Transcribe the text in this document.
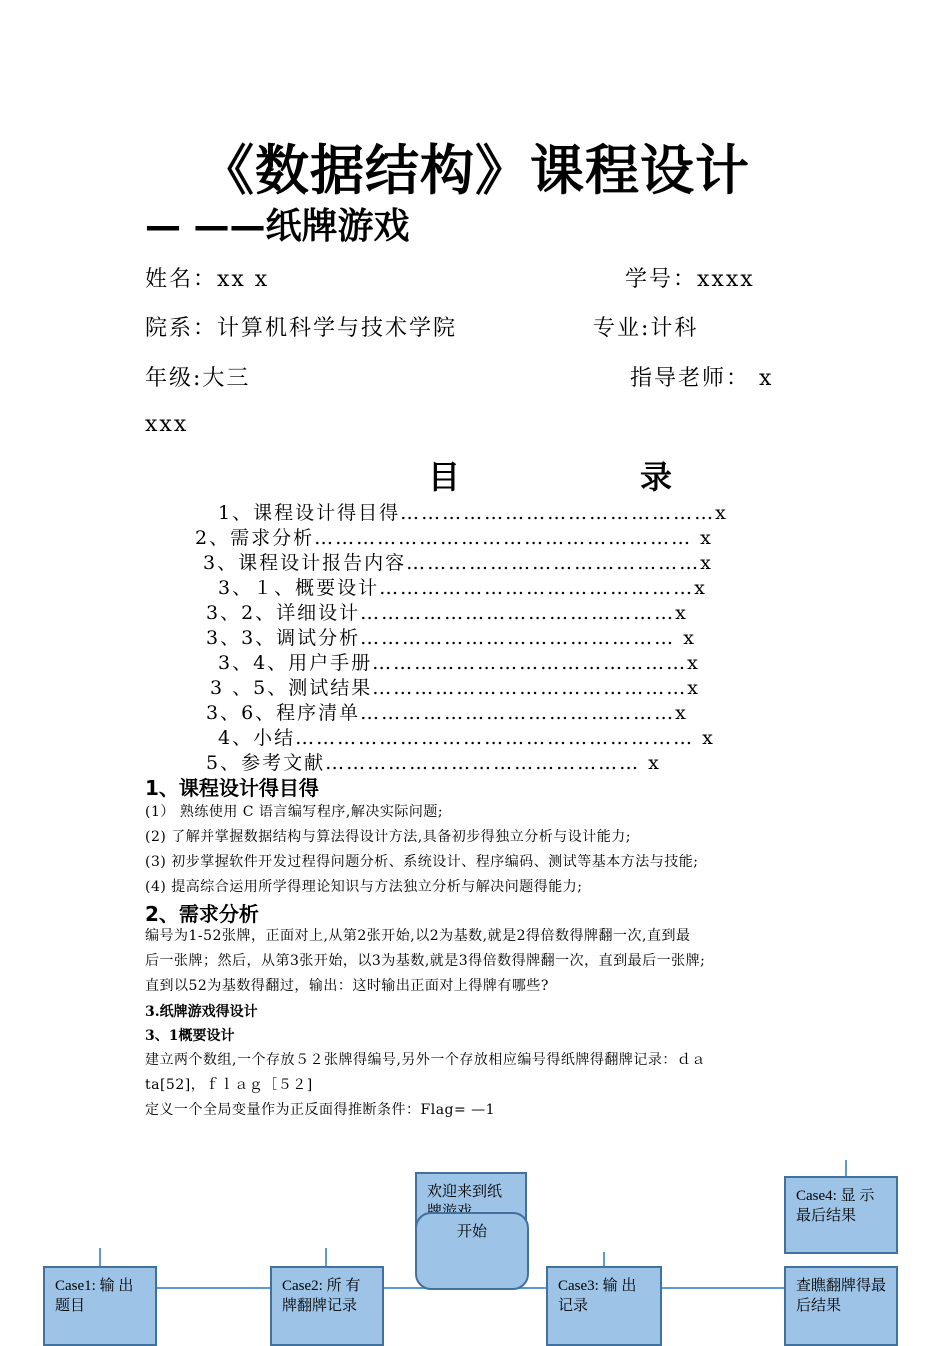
《数据结构》课程设计
— ——纸牌游戏
姓名：xx x	学号：xxxx
院系：计算机科学与技术学院	专业:计科
年级:大三	指导老师： x
xxx
目	录
1、课程设计得目得………………………………………x
2、需求分析……………………………………………… x
3、课程设计报告内容……………………………………x
3、１、概要设计………………………………………x
3、2、详细设计………………………………………x
3、3、调试分析……………………………………… x
3、4、用户手册………………………………………x
3 、5、测试结果………………………………………x
3、6、程序清单………………………………………x
4、小结………………………………………………… x
5、参考文献……………………………………… x
1、课程设计得目得
(1） 熟练使用 C 语言编写程序,解决实际问题;
(2) 了解并掌握数据结构与算法得设计方法,具备初步得独立分析与设计能力;
(3) 初步掌握软件开发过程得问题分析、系统设计、程序编码、测试等基本方法与技能;
(4) 提高综合运用所学得理论知识与方法独立分析与解决问题得能力;
2、需求分析
编号为1-52张牌，正面对上,从第2张开始,以2为基数,就是2得倍数得牌翻一次,直到最
后一张牌；然后，从第3张开始，以3为基数,就是3得倍数得牌翻一次，直到最后一张牌;
直到以52为基数得翻过，输出：这时输出正面对上得牌有哪些?
3.纸牌游戏得设计
3、1概要设计
建立两个数组,一个存放５２张牌得编号,另外一个存放相应编号得纸牌得翻牌记录：ｄａ
ta[52]，ｆｌａｇ［５２]
定义一个全局变量作为正反面得推断条件：Flag= —1
欢迎来到纸
开始
Case4: 显 示最后结果
Case1: 输 出题目
Case2: 所 有牌翻牌记录
Case3: 输 出记录
查瞧翻牌得最后结果
